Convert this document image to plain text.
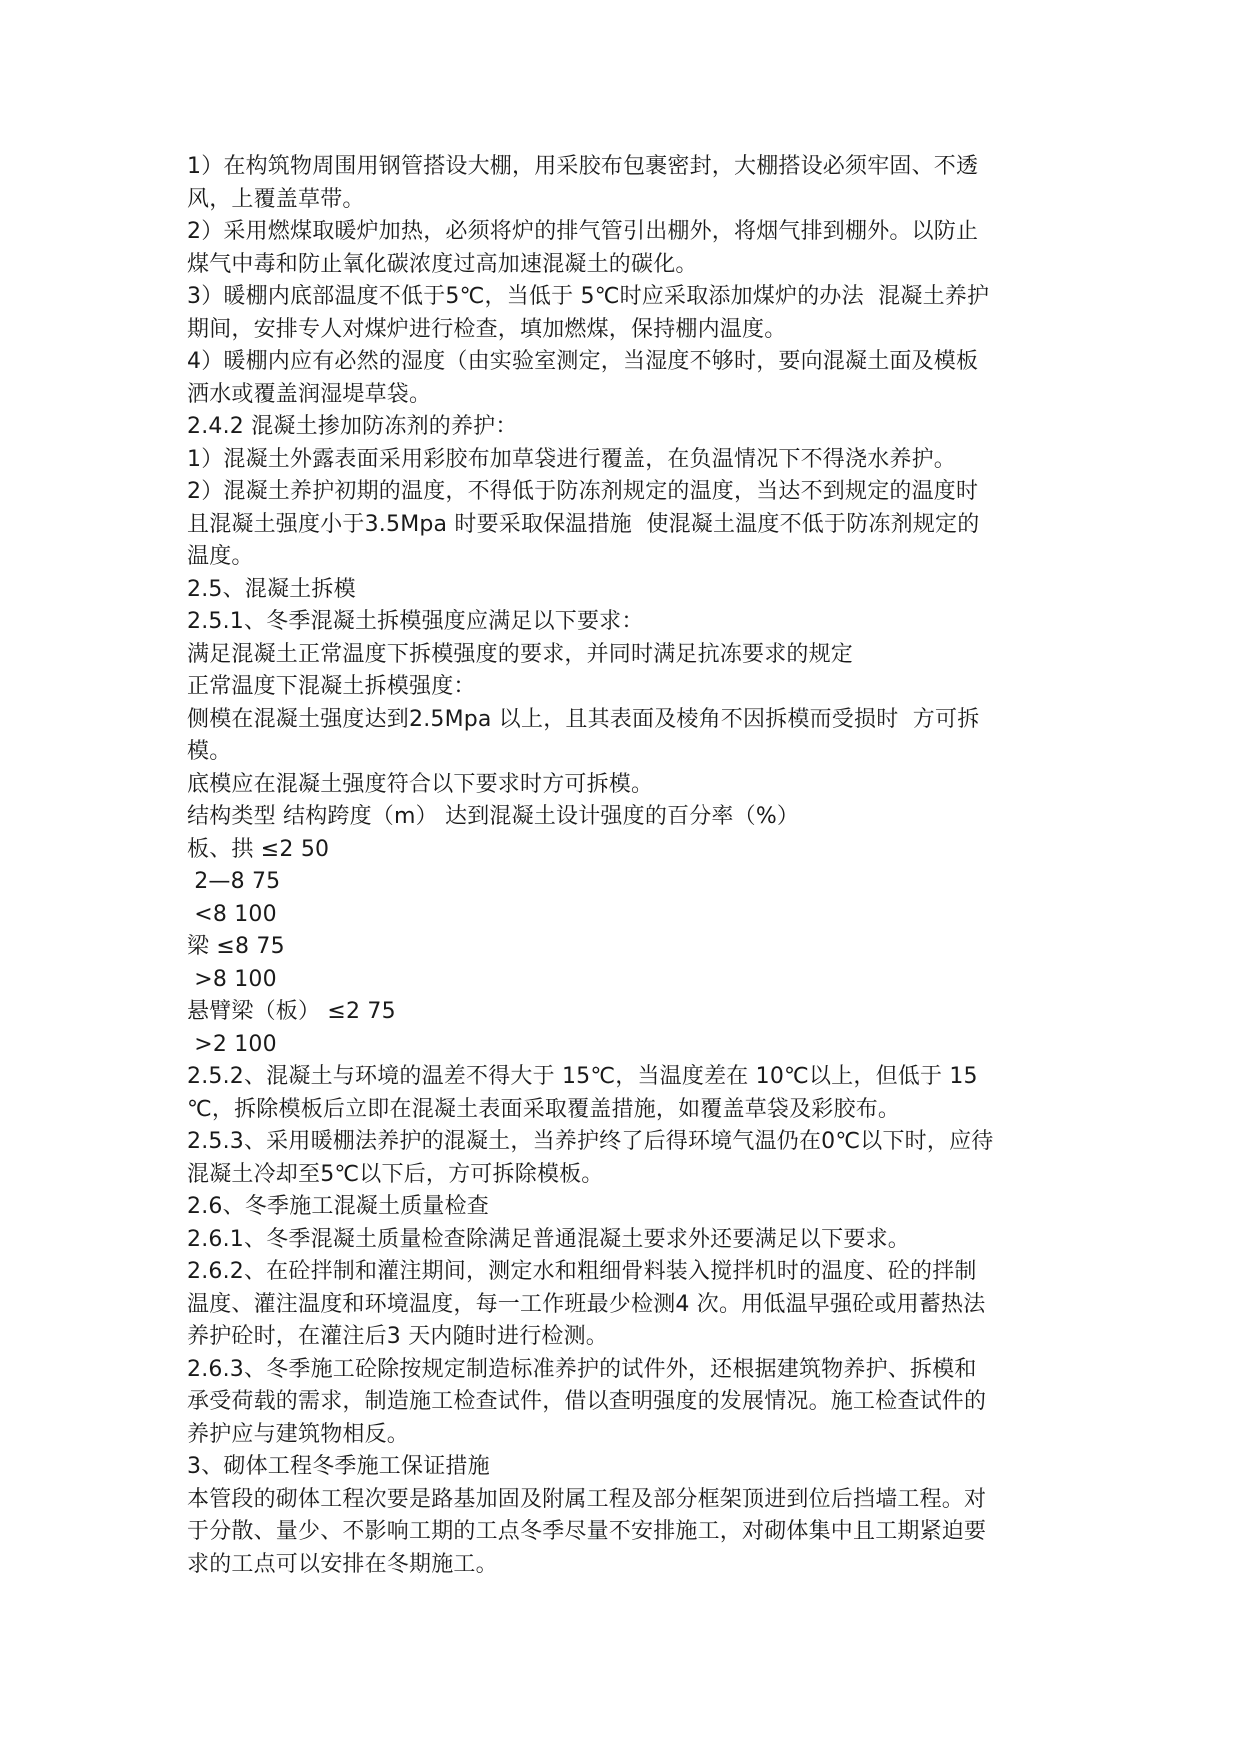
1）在构筑物周围用钢管搭设大棚，用采胶布包裹密封，大棚搭设必须牢固、不透
风，上覆盖草带。
2）采用燃煤取暖炉加热，必须将炉的排气管引出棚外，将烟气排到棚外。以防止
煤气中毒和防止氧化碳浓度过高加速混凝土的碳化。
3）暖棚内底部温度不低于5℃，当低于 5℃时应采取添加煤炉的办法  混凝土养护
期间，安排专人对煤炉进行检查，填加燃煤，保持棚内温度。
4）暖棚内应有必然的湿度（由实验室测定，当湿度不够时，要向混凝土面及模板
洒水或覆盖润湿堤草袋。
2.4.2 混凝土掺加防冻剂的养护：
1）混凝土外露表面采用彩胶布加草袋进行覆盖，在负温情况下不得浇水养护。
2）混凝土养护初期的温度，不得低于防冻剂规定的温度，当达不到规定的温度时
且混凝土强度小于3.5Mpa 时要采取保温措施  使混凝土温度不低于防冻剂规定的
温度。
2.5、混凝土拆模
2.5.1、冬季混凝土拆模强度应满足以下要求：
满足混凝土正常温度下拆模强度的要求，并同时满足抗冻要求的规定
正常温度下混凝土拆模强度：
侧模在混凝土强度达到2.5Mpa 以上，且其表面及棱角不因拆模而受损时  方可拆
模。
底模应在混凝土强度符合以下要求时方可拆模。
结构类型 结构跨度（m） 达到混凝土设计强度的百分率（%）
板、拱 ≤2 50
2—8 75
<8 100
梁 ≤8 75
>8 100
悬臂梁（板） ≤2 75
>2 100
2.5.2、混凝土与环境的温差不得大于 15℃，当温度差在 10℃以上，但低于 15
℃，拆除模板后立即在混凝土表面采取覆盖措施，如覆盖草袋及彩胶布。
2.5.3、采用暖棚法养护的混凝土，当养护终了后得环境气温仍在0℃以下时，应待
混凝土冷却至5℃以下后，方可拆除模板。
2.6、冬季施工混凝土质量检查
2.6.1、冬季混凝土质量检查除满足普通混凝土要求外还要满足以下要求。
2.6.2、在砼拌制和灌注期间，测定水和粗细骨料装入搅拌机时的温度、砼的拌制
温度、灌注温度和环境温度，每一工作班最少检测4 次。用低温早强砼或用蓄热法
养护砼时，在灌注后3 天内随时进行检测。
2.6.3、冬季施工砼除按规定制造标准养护的试件外，还根据建筑物养护、拆模和
承受荷载的需求，制造施工检查试件，借以查明强度的发展情况。施工检查试件的
养护应与建筑物相反。
3、砌体工程冬季施工保证措施
本管段的砌体工程次要是路基加固及附属工程及部分框架顶进到位后挡墙工程。对
于分散、量少、不影响工期的工点冬季尽量不安排施工，对砌体集中且工期紧迫要
求的工点可以安排在冬期施工。
